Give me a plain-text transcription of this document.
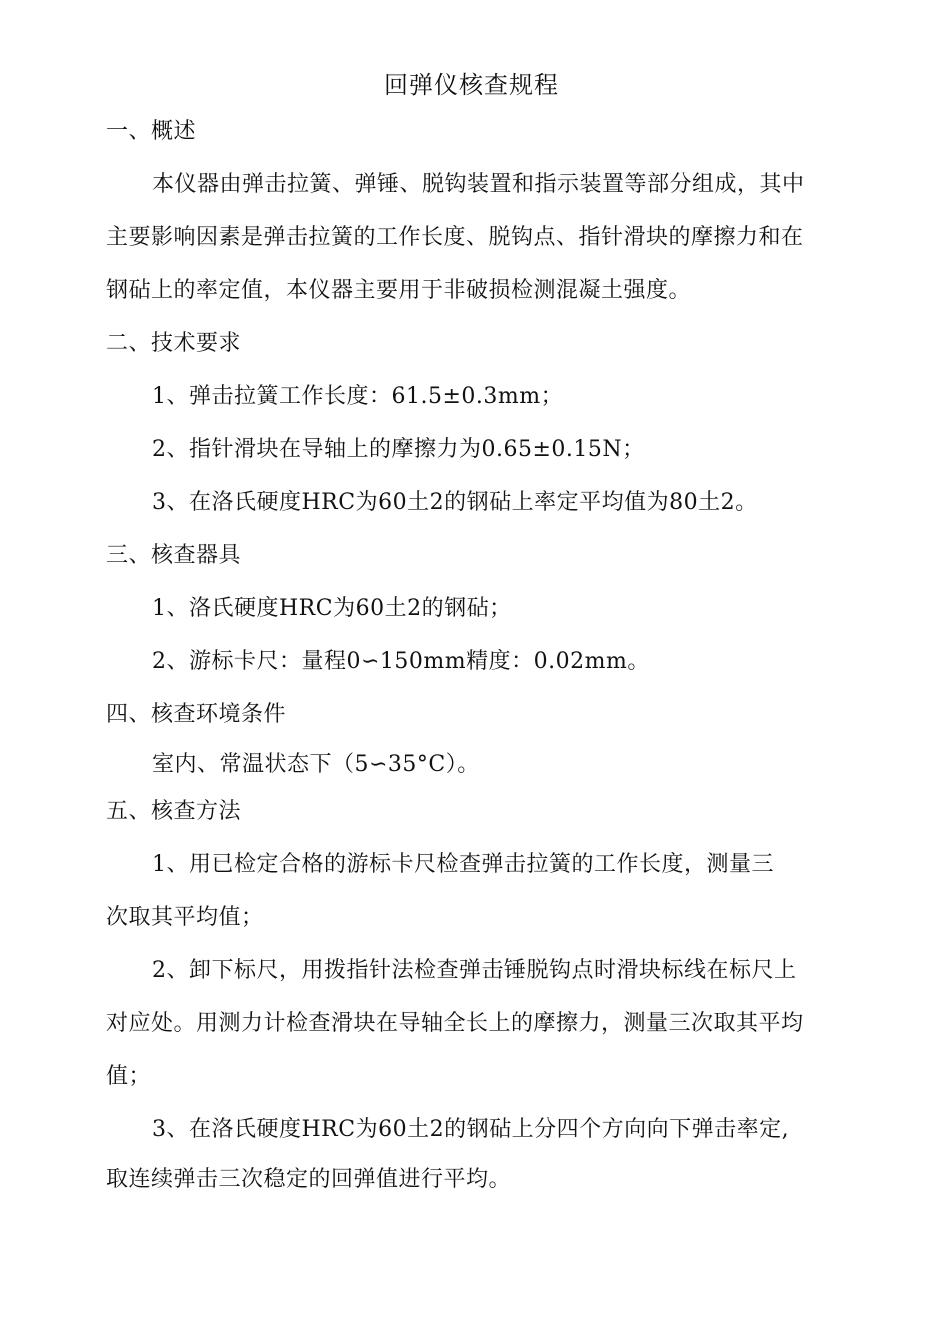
回弹仪核查规程
一、概述
本仪器由弹击拉簧、弹锤、脱钩装置和指示装置等部分组成，其中
主要影响因素是弹击拉簧的工作长度、脱钩点、指针滑块的摩擦力和在
钢砧上的率定值，本仪器主要用于非破损检测混凝土强度。
二、技术要求
1、弹击拉簧工作长度：61.5±0.3mm；
2、指针滑块在导轴上的摩擦力为0.65±0.15N；
3、在洛氏硬度HRC为60土2的钢砧上率定平均值为80土2。
三、核查器具
1、洛氏硬度HRC为60土2的钢砧；
2、游标卡尺：量程0∽150mm精度：0.02mm。
四、核查环境条件
室内、常温状态下（5∽35°C）。
五、核查方法
1、用已检定合格的游标卡尺检查弹击拉簧的工作长度，测量三
次取其平均值；
2、卸下标尺，用拨指针法检查弹击锤脱钩点时滑块标线在标尺上
对应处。用测力计检查滑块在导轴全长上的摩擦力，测量三次取其平均
值；
3、在洛氏硬度HRC为60土2的钢砧上分四个方向向下弹击率定,
取连续弹击三次稳定的回弹值进行平均。
